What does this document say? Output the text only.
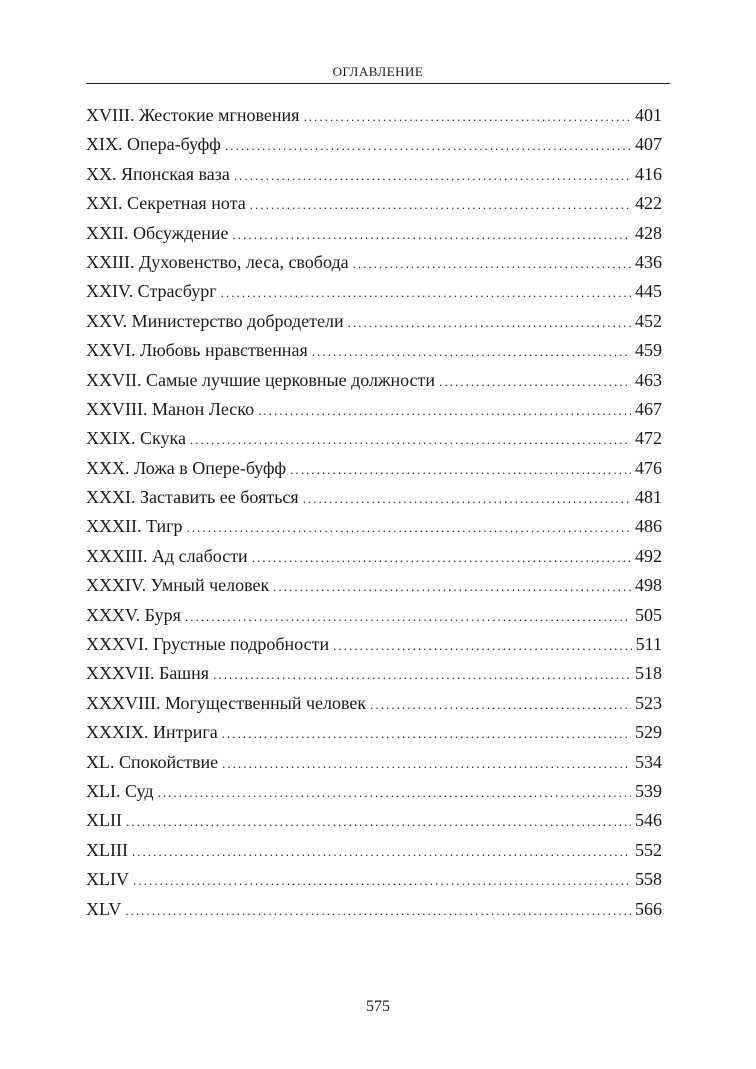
ОГЛАВЛЕНИЕ
XVIII. Жестокие мгновения . . .	401
XIX. Опера-буфф . . .	407
XX. Японская ваза . . .	416
XXI. Секретная нота . . .	422
XXII. Обсуждение . . .	428
XXIII. Духовенство, леса, свобода . . .	436
XXIV. Страсбург . . .	445
XXV. Министерство добродетели . . .	452
XXVI. Любовь нравственная . . .	459
XXVII. Самые лучшие церковные должности . . .	463
XXVIII. Манон Леско . . .	467
XXIX. Скука . . .	472
XXX. Ложа в Опере-буфф . . .	476
XXXI. Заставить ее бояться . . .	481
XXXII. Тигр . . .	486
XXXIII. Ад слабости . . .	492
XXXIV. Умный человек . . .	498
XXXV. Буря . . .	505
XXXVI. Грустные подробности . . .	511
XXXVII. Башня . . .	518
XXXVIII. Могущественный человек . . .	523
XXXIX. Интрига . . .	529
XL. Спокойствие . . .	534
XLI. Суд . . .	539
XLII . . .	546
XLIII . . .	552
XLIV . . .	558
XLV . . .	566
575
